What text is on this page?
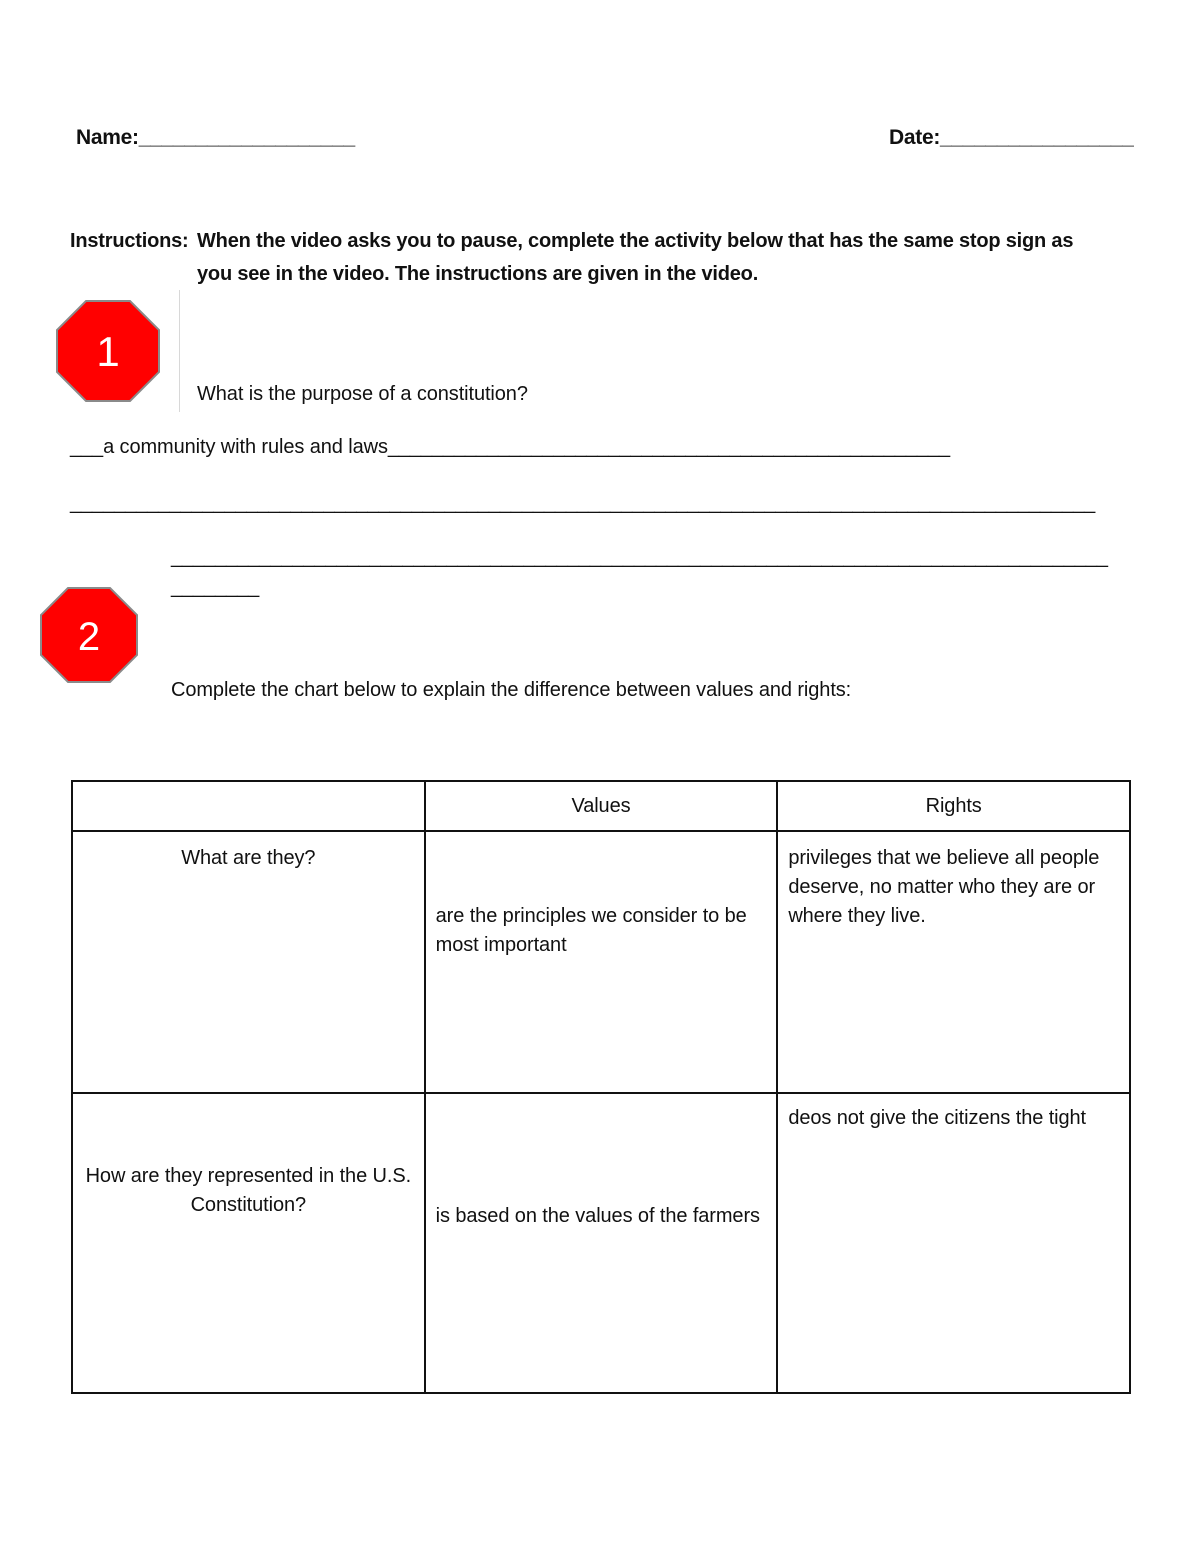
Name:___________________	Date:_________________
Instructions: When the video asks you to pause, complete the activity below that has the same stop sign as
you see in the video. The instructions are given in the video.
1
What is the purpose of a constitution?
___a community with rules and laws___________________________________________________
_____________________________________________________________________________________________
_____________________________________________________________________________________
________
2
Complete the chart below to explain the difference between values and rights:
	Values	Rights
What are they?	are the principles we consider to be most important	privileges that we believe all people deserve, no matter who they are or where they live.
How are they represented in the U.S. Constitution?	is based on the values of the farmers	deos not give the citizens the tight
